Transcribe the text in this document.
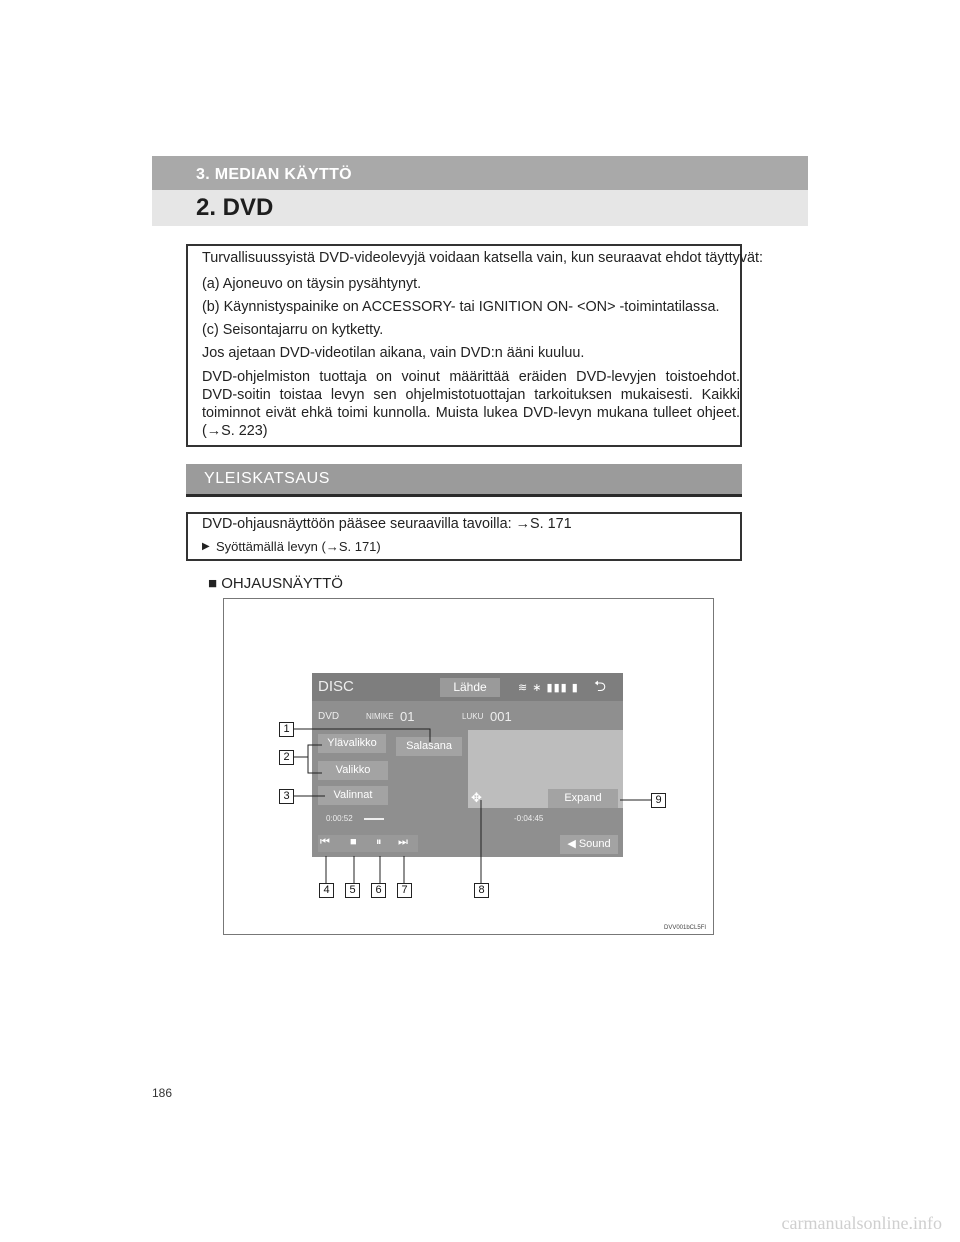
3. MEDIAN KÄYTTÖ
2. DVD
Turvallisuussyistä DVD-videolevyjä voidaan katsella vain, kun seuraavat ehdot täyttyvät:
(a) Ajoneuvo on täysin pysähtynyt.
(b) Käynnistyspainike on ACCESSORY- tai IGNITION ON- <ON> -toimintatilassa.
(c) Seisontajarru on kytketty.
Jos ajetaan DVD-videotilan aikana, vain DVD:n ääni kuuluu.
DVD-ohjelmiston tuottaja on voinut määrittää eräiden DVD-levyjen toistoehdot.
DVD-soitin toistaa levyn sen ohjelmistotuottajan tarkoituksen mukaisesti. Kaikki
toiminnot eivät ehkä toimi kunnolla. Muista lukea DVD-levyn mukana tulleet ohjeet.
(→S. 223)
YLEISKATSAUS
DVD-ohjausnäyttöön pääsee seuraavilla tavoilla: →S. 171
▶ Syöttämällä levyn (→S. 171)
■ OHJAUSNÄYTTÖ
DISC	Lähde	≋ ∗ ▮▮▮ ▮ ⮌
DVD	NIMIKE 01	LUKU 001
Ylävalikko	Salasana
Valikko
Valinnat	✥	Expand
0:00:52	-0:04:45
⏮ ■ ⏸ ⏭	◀ Sound
1
2
3
4	5	6	7	8
9
DVV001bCL5FI
186
carmanualsonline.info
